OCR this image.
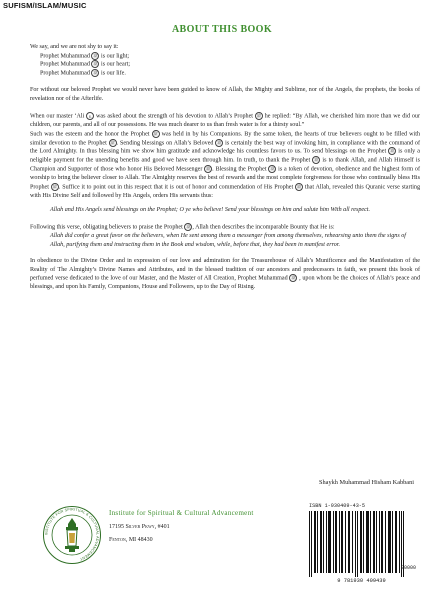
SUFISM/ISLAM/MUSIC
ABOUT THIS BOOK

We say, and we are not shy to say it:

Prophet Muhammad ﷺ is our light;
Prophet Muhammad ﷺ is our heart;
Prophet Muhammad ﷺ is our life.

For without our beloved Prophet we would never have been guided to know of Allah, the Mighty and Sublime, nor of the Angels, the prophets, the books of revelation nor of the Afterlife.

When our master ‘Ali ع was asked about the strength of his devotion to Allah’s Prophet ﷺ he replied: “By Allah, we cherished him more than we did our children, our parents, and all of our possessions. He was much dearer to us than fresh water is for a thirsty soul.”

Such was the esteem and the honor the Prophet ﷺ was held in by his Companions. By the same token, the hearts of true believers ought to be filled with similar devotion to the Prophet ﷺ . Sending blessings on Allah’s Beloved ﷺ is certainly the best way of invoking him, in compliance with the command of the Lord Almighty. In thus blessing him we show him gratitude and acknowledge his countless favors to us. To send blessings on the Prophet ﷺ is only a neligible payment for the unending benefits and good we have seen through him. In truth, to thank the Prophet ﷺ is to thank Allah, and Allah Himself is Champion and Supporter of those who honor His Beloved Messenger ﷺ . Blessing the Prophet ﷺ is a token of devotion, obedience and the highest form of worship to bring the believer closer to Allah. The Almighty reserves the best of rewards and the most complete forgiveness for those who continually bless His Prophet ﷺ . Suffice it to point out in this respect that it is out of honor and commendation of His Prophet ﷺ that Allah, revealed this Quranic verse starting with His Divine Self and followed by His Angels, orders His servants thus:

Allah and His Angels send blessings on the Prophet; O ye who believe! Send your blessings on him and salute him With all respect.

Following this verse, obligating believers to praise the Prophet ﷺ , Allah then describes the incomparable Bounty that He is:

Allah did confer a great favor on the believers, when He sent among them a messenger from among themselves, rehearsing unto them the signs of Allah, purifying them and instructing them in the Book and wisdom, while, before that, they had been in manifest error.

In obedience to the Divine Order and in expression of our love and admiration for the Treasurehouse of Allah’s Munificence and the Manifestation of the Reality of The Almighty’s Divine Names and Attributes, and in the blessed tradition of our ancestors and predecessors in faith, we present this book of perfumed verse dedicated to the love of our Master, and the Master of All Creation, Prophet Muhammad ﷺ , upon whom be the choices of Allah’s peace and blessings, and upon his Family, Companions, House and Followers, up to the Day of Rising.

Shaykh Muhammad Hisham Kabbani
INSTITUTE FOR SPIRITUAL & CULTURAL ADVANCEMENT
Institute for Spiritual & Cultural Advancement
17195 Silver Pkwy, #401
Fenton, MI 48430
ISBN 1-930409-43-5
90000
9 781930 409439
